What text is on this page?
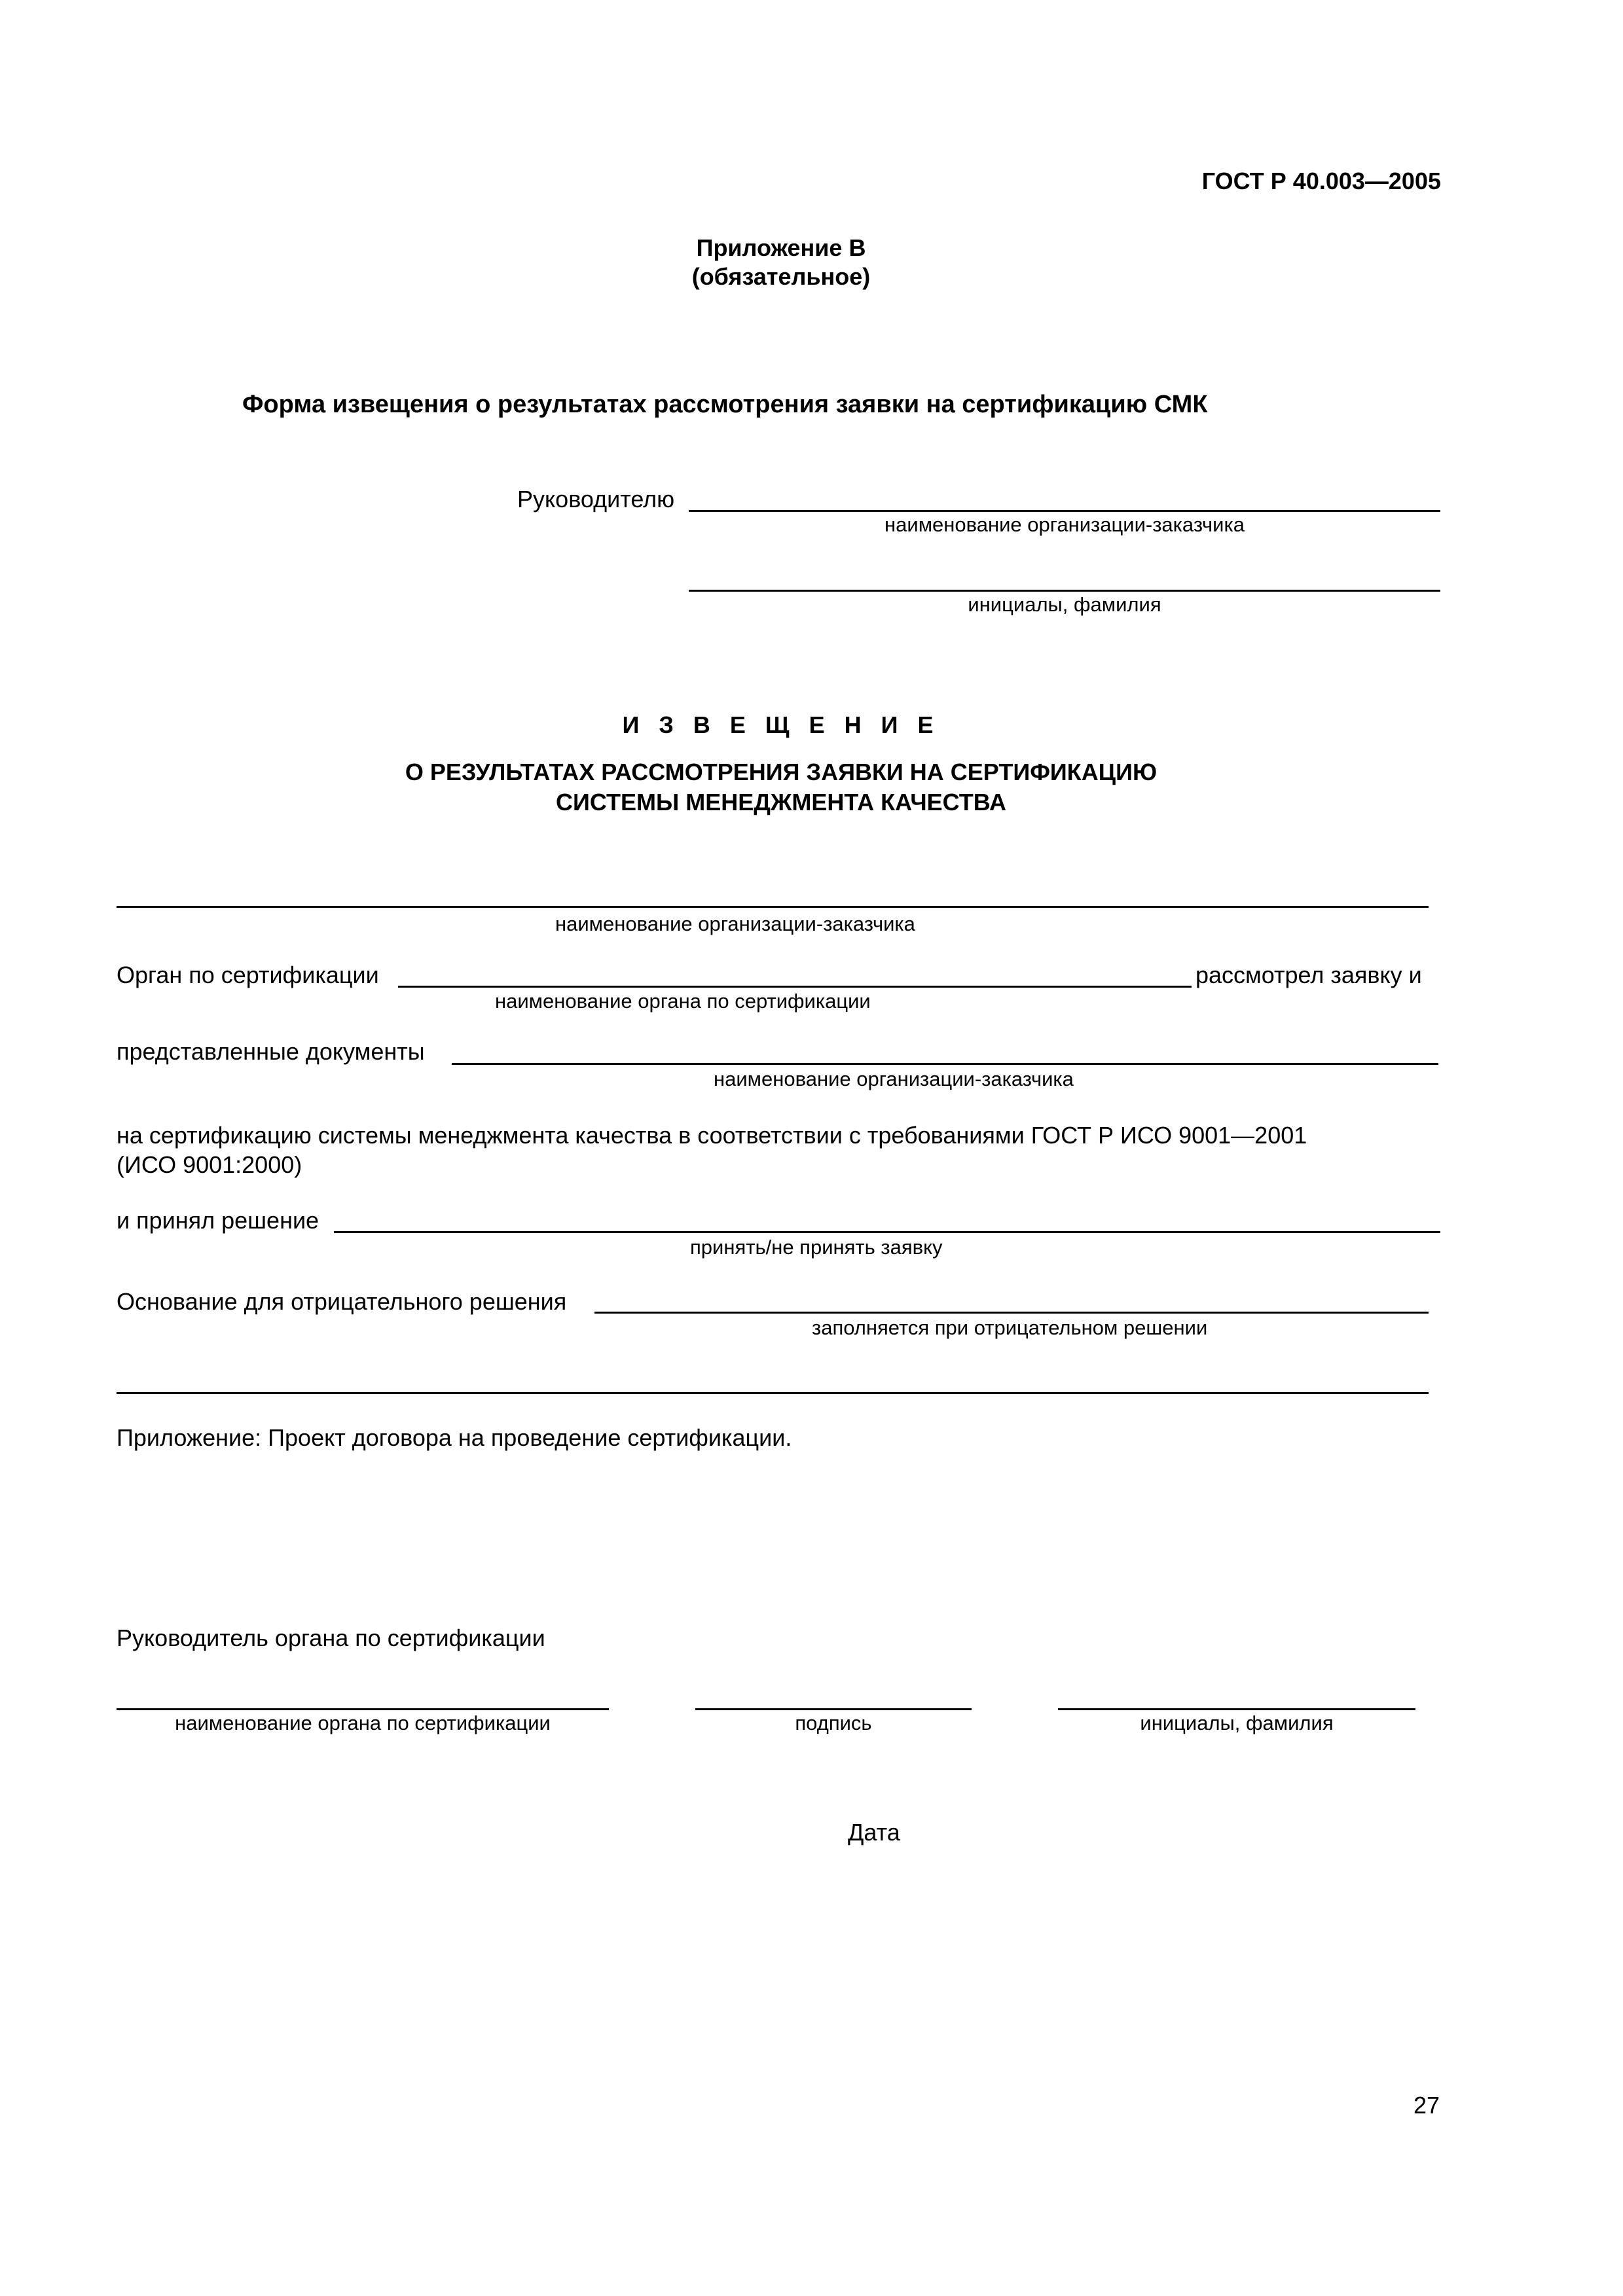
ГОСТ Р 40.003—2005
Приложение В
(обязательное)
Форма извещения о результатах рассмотрения заявки на сертификацию СМК
Руководителю
наименование организации-заказчика
инициалы, фамилия
И З В Е Щ Е Н И Е
О РЕЗУЛЬТАТАХ РАССМОТРЕНИЯ ЗАЯВКИ НА СЕРТИФИКАЦИЮ
СИСТЕМЫ МЕНЕДЖМЕНТА КАЧЕСТВА
наименование организации-заказчика
Орган по сертификации	рассмотрел заявку и
наименование органа по сертификации
представленные документы
наименование организации-заказчика
на сертификацию системы менеджмента качества в соответствии с требованиями ГОСТ Р ИСО 9001—2001
(ИСО 9001:2000)
и принял решение
принять/не принять заявку
Основание для отрицательного решения
заполняется при отрицательном решении
Приложение: Проект договора на проведение сертификации.
Руководитель органа по сертификации
наименование органа по сертификации	подпись	инициалы, фамилия
Дата
27
